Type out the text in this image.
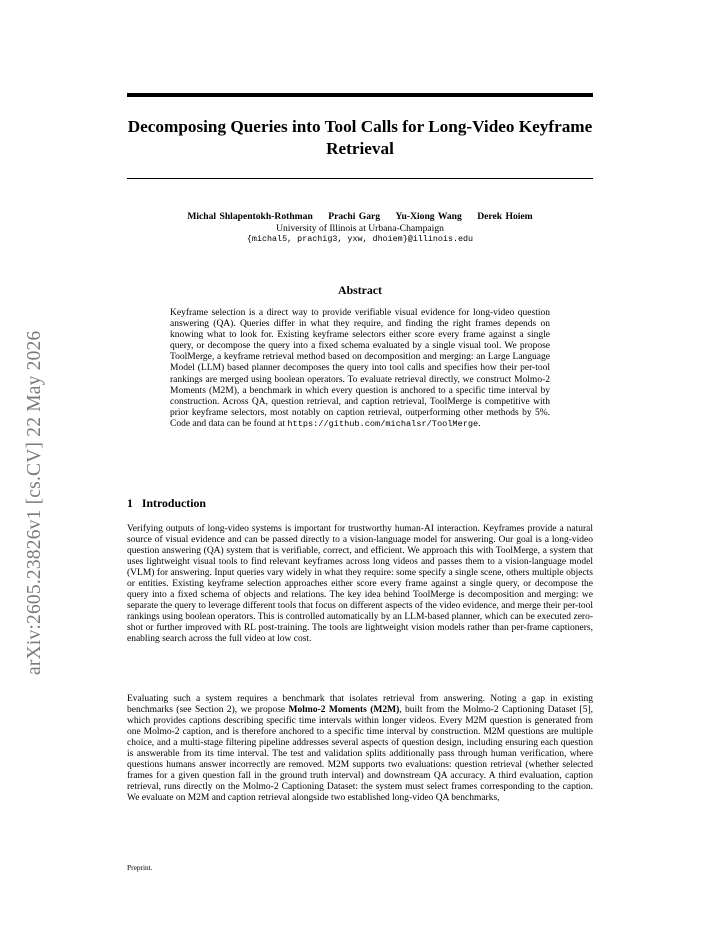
arXiv:2605.23826v1 [cs.CV] 22 May 2026
Decomposing Queries into Tool Calls for Long-Video Keyframe Retrieval
Michal Shlapentokh-Rothman Prachi Garg Yu-Xiong Wang Derek Hoiem
University of Illinois at Urbana-Champaign
{michal5, prachig3, yxw, dhoiem}@illinois.edu
Abstract

Keyframe selection is a direct way to provide verifiable visual evidence for long-video question answering (QA). Queries differ in what they require, and finding the right frames depends on knowing what to look for. Existing keyframe selectors either score every frame against a single query, or decompose the query into a fixed schema evaluated by a single visual tool. We propose ToolMerge, a keyframe retrieval method based on decomposition and merging: an Large Language Model (LLM) based planner decomposes the query into tool calls and specifies how their per-tool rankings are merged using boolean operators. To evaluate retrieval directly, we construct Molmo-2 Moments (M2M), a benchmark in which every question is anchored to a specific time interval by construction. Across QA, question retrieval, and caption retrieval, ToolMerge is competitive with prior keyframe selectors, most notably on caption retrieval, outperforming other methods by 5%. Code and data can be found at https://github.com/michalsr/ToolMerge.

1 Introduction

Verifying outputs of long-video systems is important for trustworthy human-AI interaction. Keyframes provide a natural source of visual evidence and can be passed directly to a vision-language model for answering. Our goal is a long-video question answering (QA) system that is verifiable, correct, and efficient. We approach this with ToolMerge, a system that uses lightweight visual tools to find relevant keyframes across long videos and passes them to a vision-language model (VLM) for answering. Input queries vary widely in what they require: some specify a single scene, others multiple objects or entities. Existing keyframe selection approaches either score every frame against a single query, or decompose the query into a fixed schema of objects and relations. The key idea behind ToolMerge is decomposition and merging: we separate the query to leverage different tools that focus on different aspects of the video evidence, and merge their per-tool rankings using boolean operators. This is controlled automatically by an LLM-based planner, which can be executed zero-shot or further improved with RL post-training. The tools are lightweight vision models rather than per-frame captioners, enabling search across the full video at low cost.

Evaluating such a system requires a benchmark that isolates retrieval from answering. Noting a gap in existing benchmarks (see Section 2), we propose Molmo-2 Moments (M2M), built from the Molmo-2 Captioning Dataset [5], which provides captions describing specific time intervals within longer videos. Every M2M question is generated from one Molmo-2 caption, and is therefore anchored to a specific time interval by construction. M2M questions are multiple choice, and a multi-stage filtering pipeline addresses several aspects of question design, including ensuring each question is answerable from its time interval. The test and validation splits additionally pass through human verification, where questions humans answer incorrectly are removed. M2M supports two evaluations: question retrieval (whether selected frames for a given question fall in the ground truth interval) and downstream QA accuracy. A third evaluation, caption retrieval, runs directly on the Molmo-2 Captioning Dataset: the system must select frames corresponding to the caption. We evaluate on M2M and caption retrieval alongside two established long-video QA benchmarks,

Preprint.
